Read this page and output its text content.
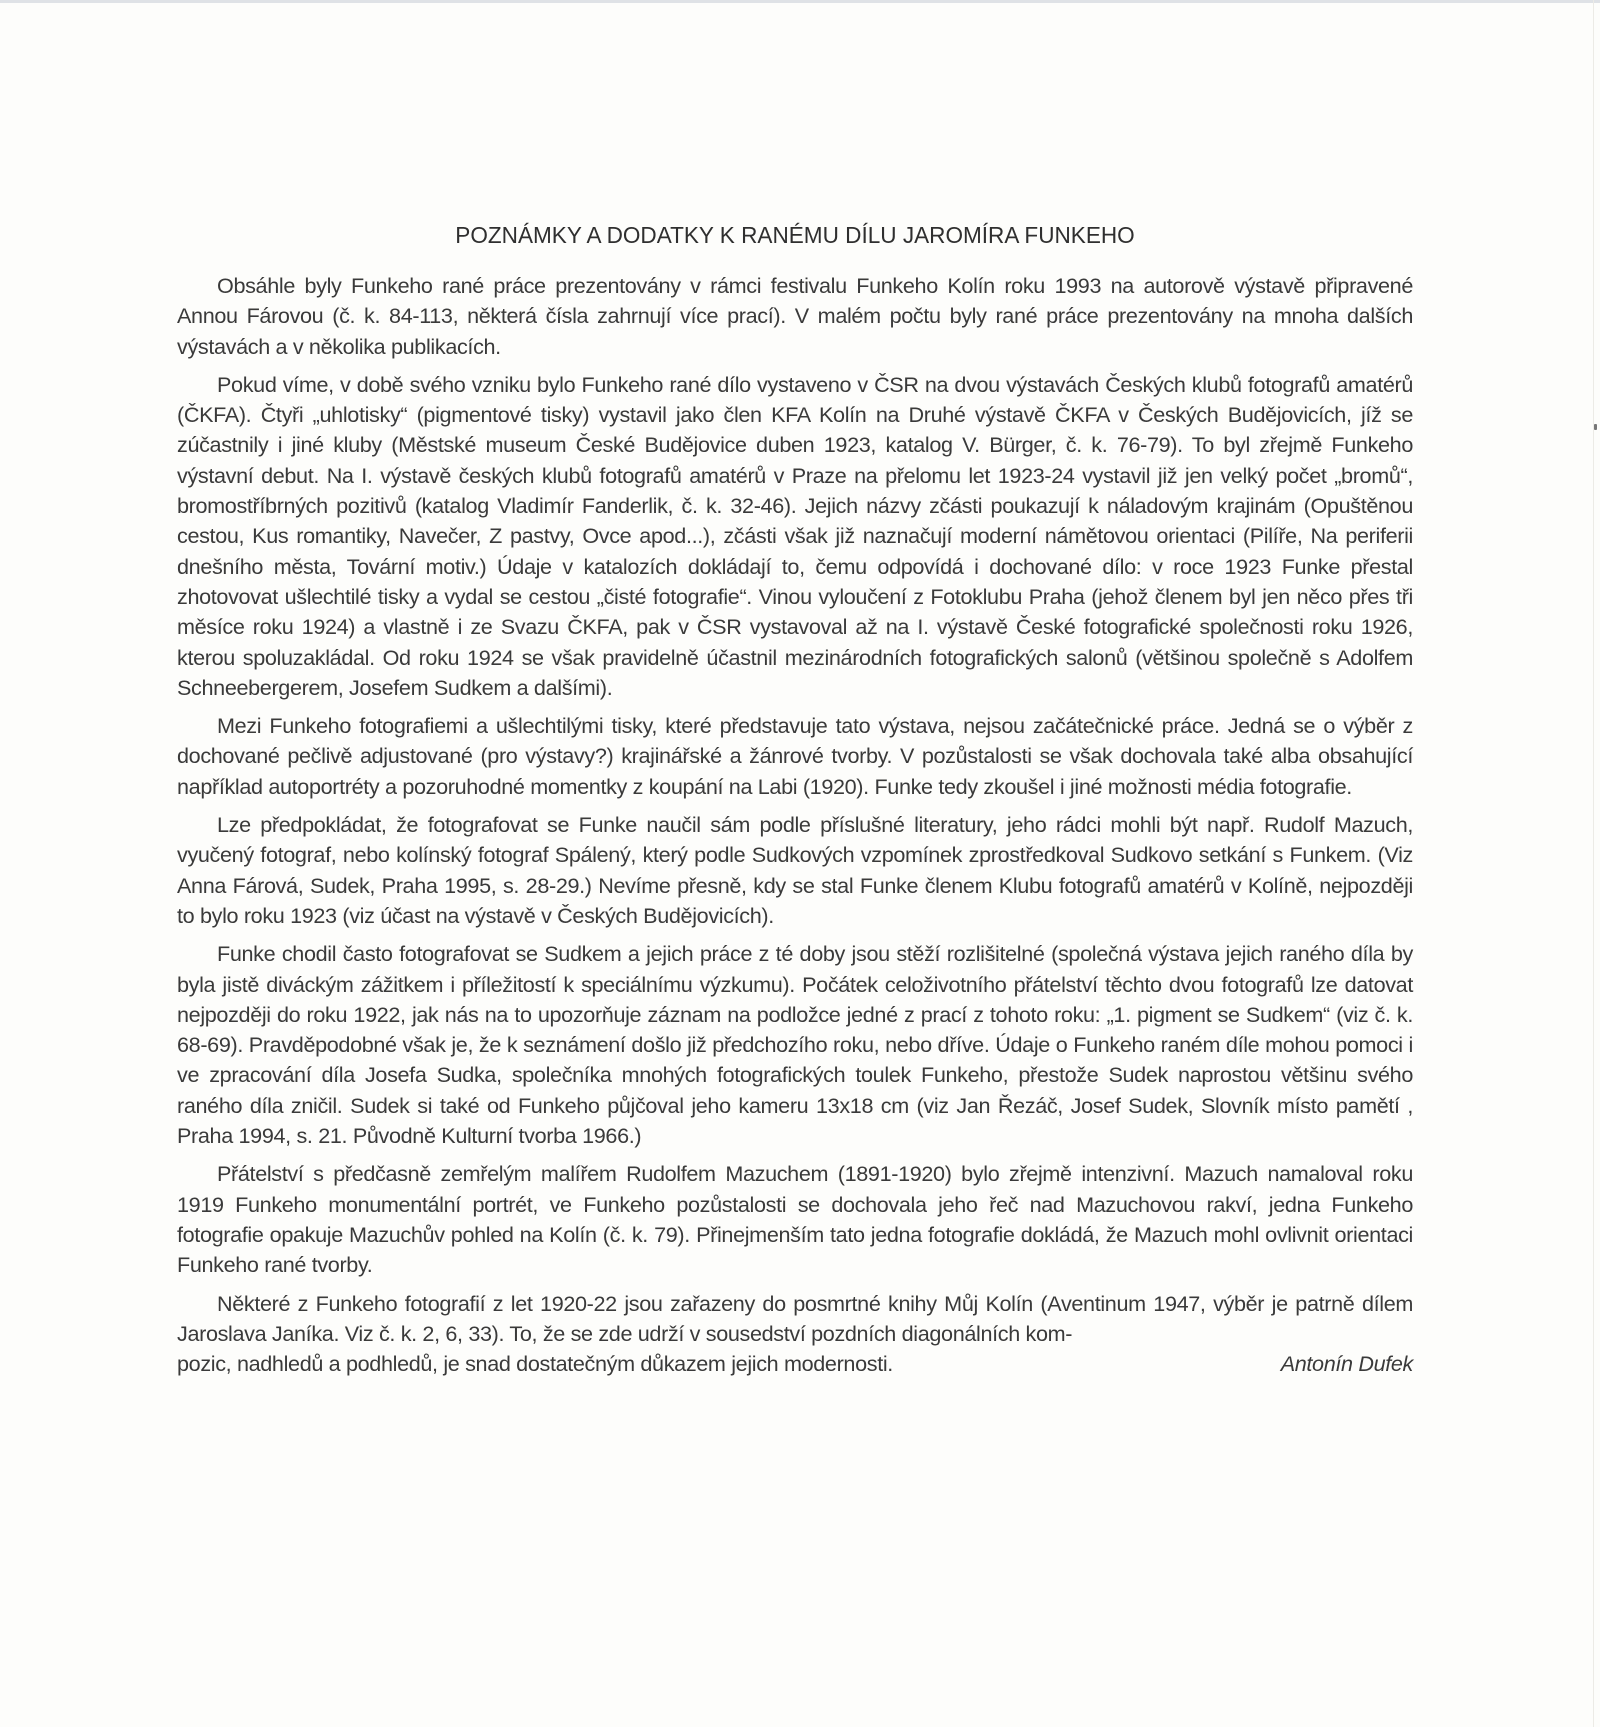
POZNÁMKY A DODATKY K RANÉMU DÍLU JAROMÍRA FUNKEHO

Obsáhle byly Funkeho rané práce prezentovány v rámci festivalu Funkeho Kolín roku 1993 na autorově výstavě připravené Annou Fárovou (č. k. 84-113, některá čísla zahrnují více prací). V malém počtu byly rané práce prezentovány na mnoha dalších výstavách a v několika publikacích.

Pokud víme, v době svého vzniku bylo Funkeho rané dílo vystaveno v ČSR na dvou výstavách Českých klubů fotografů amatérů (ČKFA). Čtyři „uhlotisky“ (pigmentové tisky) vystavil jako člen KFA Kolín na Druhé výstavě ČKFA v Českých Budějovicích, jíž se zúčastnily i jiné kluby (Městské museum České Budějovice duben 1923, katalog V. Bürger, č. k. 76-79). To byl zřejmě Funkeho výstavní debut. Na I. výstavě českých klubů fotografů amatérů v Praze na přelomu let 1923-24 vystavil již jen velký počet „bromů“, bromostříbrných pozitivů (katalog Vladimír Fanderlik, č. k. 32-46). Jejich názvy zčásti poukazují k náladovým krajinám (Opuštěnou cestou, Kus romantiky, Navečer, Z pastvy, Ovce apod...), zčásti však již naznačují moderní námětovou orientaci (Pilíře, Na periferii dnešního města, Tovární motiv.) Údaje v katalozích dokládají to, čemu odpovídá i dochované dílo: v roce 1923 Funke přestal zhotovovat ušlechtilé tisky a vydal se cestou „čisté fotografie“. Vinou vyloučení z Fotoklubu Praha (jehož členem byl jen něco přes tři měsíce roku 1924) a vlastně i ze Svazu ČKFA, pak v ČSR vystavoval až na I. výstavě České fotografické společnosti roku 1926, kterou spoluzakládal. Od roku 1924 se však pravidelně účastnil mezinárodních fotografických salonů (většinou společně s Adolfem Schneebergerem, Josefem Sudkem a dalšími).

Mezi Funkeho fotografiemi a ušlechtilými tisky, které představuje tato výstava, nejsou začátečnické práce. Jedná se o výběr z dochované pečlivě adjustované (pro výstavy?) krajinářské a žánrové tvorby. V pozůstalosti se však dochovala také alba obsahující například autoportréty a pozoruhodné momentky z koupání na Labi (1920). Funke tedy zkoušel i jiné možnosti média fotografie.

Lze předpokládat, že fotografovat se Funke naučil sám podle příslušné literatury, jeho rádci mohli být např. Rudolf Mazuch, vyučený fotograf, nebo kolínský fotograf Spálený, který podle Sudkových vzpomínek zprostředkoval Sudkovo setkání s Funkem. (Viz Anna Fárová, Sudek, Praha 1995, s. 28-29.) Nevíme přesně, kdy se stal Funke členem Klubu fotografů amatérů v Kolíně, nejpozději to bylo roku 1923 (viz účast na výstavě v Českých Budějovicích).

Funke chodil často fotografovat se Sudkem a jejich práce z té doby jsou stěží rozlišitelné (společná výstava jejich raného díla by byla jistě diváckým zážitkem i příležitostí k speciálnímu výzkumu). Počátek celoživotního přátelství těchto dvou fotografů lze datovat nejpozději do roku 1922, jak nás na to upozorňuje záznam na podložce jedné z prací z tohoto roku: „1. pigment se Sudkem“ (viz č. k. 68-69). Pravděpodobné však je, že k seznámení došlo již předchozího roku, nebo dříve. Údaje o Funkeho raném díle mohou pomoci i ve zpracování díla Josefa Sudka, společníka mnohých fotografických toulek Funkeho, přestože Sudek naprostou většinu svého raného díla zničil. Sudek si také od Funkeho půjčoval jeho kameru 13x18 cm (viz Jan Řezáč, Josef Sudek, Slovník místo pamětí , Praha 1994, s. 21. Původně Kulturní tvorba 1966.)

Přátelství s předčasně zemřelým malířem Rudolfem Mazuchem (1891-1920) bylo zřejmě intenzivní. Mazuch namaloval roku 1919 Funkeho monumentální portrét, ve Funkeho pozůstalosti se dochovala jeho řeč nad Mazuchovou rakví, jedna Funkeho fotografie opakuje Mazuchův pohled na Kolín (č. k. 79). Přinejmenším tato jedna fotografie dokládá, že Mazuch mohl ovlivnit orientaci Funkeho rané tvorby.

Některé z Funkeho fotografií z let 1920-22 jsou zařazeny do posmrtné knihy Můj Kolín (Aventinum 1947, výběr je patrně dílem Jaroslava Janíka. Viz č. k. 2, 6, 33). To, že se zde udrží v sousedství pozdních diagonálních kom-

pozic, nadhledů a podhledů, je snad dostatečným důkazem jejich modernosti.	Antonín Dufek
